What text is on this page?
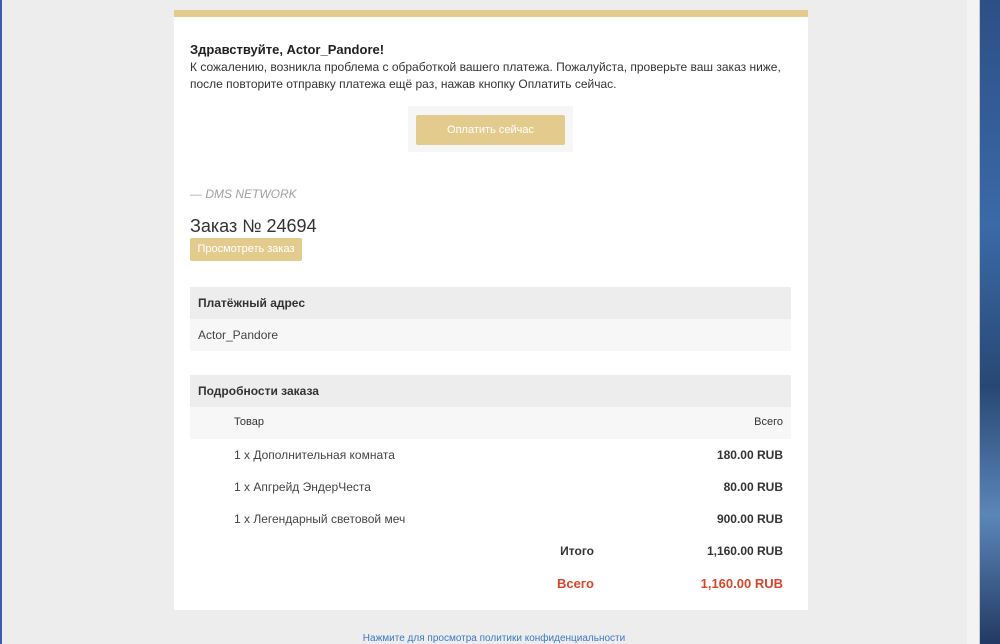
Здравствуйте, Actor_Pandore!
К сожалению, возникла проблема с обработкой вашего платежа. Пожалуйста, проверьте ваш заказ ниже, после повторите отправку платежа ещё раз, нажав кнопку Оплатить сейчас.
Оплатить сейчас
— DMS NETWORK
Заказ № 24694
Просмотреть заказ
Платёжный адрес
Actor_Pandore
Подробности заказа
Товар	Всего
1 x Дополнительная комната	180.00 RUB
1 x Апгрейд ЭндерЧеста	80.00 RUB
1 x Легендарный световой меч	900.00 RUB
Итого	1,160.00 RUB
Всего	1,160.00 RUB
Нажмите для просмотра политики конфиденциальности
